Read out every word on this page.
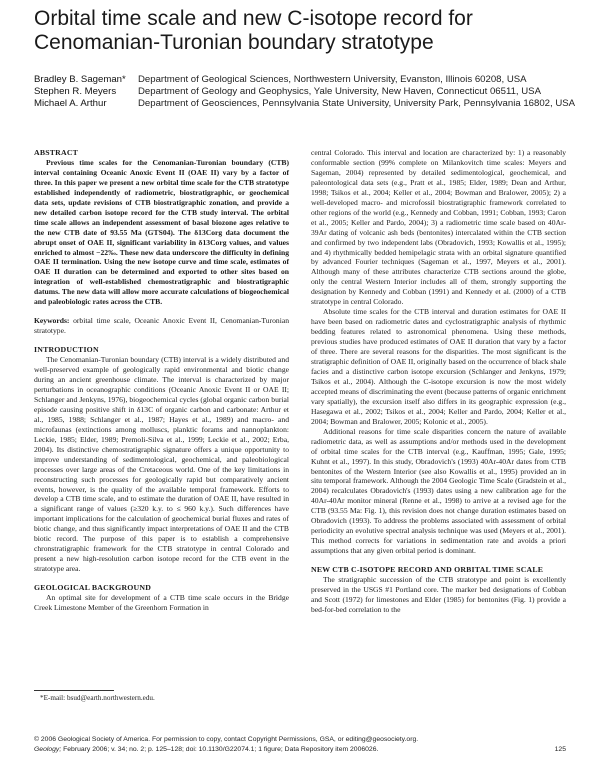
Orbital time scale and new C-isotope record for Cenomanian-Turonian boundary stratotype
Bradley B. Sageman* Department of Geological Sciences, Northwestern University, Evanston, Illinois 60208, USA
Stephen R. Meyers Department of Geology and Geophysics, Yale University, New Haven, Connecticut 06511, USA
Michael A. Arthur	Department of Geosciences, Pennsylvania State University, University Park, Pennsylvania 16802, USA

ABSTRACT

Previous time scales for the Cenomanian-Turonian boundary (CTB) interval containing Oceanic Anoxic Event II (OAE II) vary by a factor of three. In this paper we present a new orbital time scale for the CTB stratotype established independently of radiometric, biostratigraphic, or geochemical data sets, update revisions of CTB biostratigraphic zonation, and provide a new detailed carbon isotope record for the CTB study interval. The orbital time scale allows an independent assessment of basal biozone ages relative to the new CTB date of 93.55 Ma (GTS04). The δ13Corg data document the abrupt onset of OAE II, significant variability in δ13Corg values, and values enriched to almost −22‰. These new data underscore the difficulty in defining OAE II termination. Using the new isotope curve and time scale, estimates of OAE II duration can be determined and exported to other sites based on integration of well-established chemostratigraphic and biostratigraphic datums. The new data will allow more accurate calculations of biogeochemical and paleobiologic rates across the CTB.

Keywords: orbital time scale, Oceanic Anoxic Event II, Cenomanian-Turonian stratotype.

INTRODUCTION

The Cenomanian-Turonian boundary (CTB) interval is a widely distributed and well-preserved example of geologically rapid environmental and biotic change during an ancient greenhouse climate. The interval is characterized by major perturbations in oceanographic conditions (Oceanic Anoxic Event II or OAE II; Schlanger and Jenkyns, 1976), biogeochemical cycles (global organic carbon burial episode causing positive shift in δ13C of organic carbon and carbonate: Arthur et al., 1985, 1988; Schlanger et al., 1987; Hayes et al., 1989) and macro- and microfaunas (extinctions among molluscs, planktic forams and nannoplankton: Leckie, 1985; Elder, 1989; Premoli-Silva et al., 1999; Leckie et al., 2002; Erba, 2004). Its distinctive chemostratigraphic signature offers a unique opportunity to improve understanding of sedimentological, geochemical, and paleobiological processes over large areas of the Cretaceous world. One of the key limitations in reconstructing such processes for geologically rapid but comparatively ancient events, however, is the quality of the available temporal framework. Efforts to develop a CTB time scale, and to estimate the duration of OAE II, have resulted in a significant range of values (≥320 k.y. to ≤ 960 k.y.). Such differences have important implications for the calculation of geochemical burial fluxes and rates of biotic change, and thus significantly impact interpretations of OAE II and the CTB biotic record. The purpose of this paper is to establish a comprehensive chronstratigraphic framework for the CTB stratotype in central Colorado and present a new high-resolution carbon isotope record for the CTB event in the stratotype area.

GEOLOGICAL BACKGROUND

An optimal site for development of a CTB time scale occurs in the Bridge Creek Limestone Member of the Greenhorn Formation in

central Colorado. This interval and location are characterized by: 1) a reasonably conformable section (99% complete on Milankovitch time scales: Meyers and Sageman, 2004) represented by detailed sedimentological, geochemical, and paleontological data sets (e.g., Pratt et al., 1985; Elder, 1989; Dean and Arthur, 1998; Tsikos et al., 2004; Keller et al., 2004; Bowman and Bralower, 2005); 2) a well-developed macro- and microfossil biostratigraphic framework correlated to other regions of the world (e.g., Kennedy and Cobban, 1991; Cobban, 1993; Caron et al., 2005; Keller and Pardo, 2004); 3) a radiometric time scale based on 40Ar-39Ar dating of volcanic ash beds (bentonites) intercalated within the CTB section and confirmed by two independent labs (Obradovich, 1993; Kowallis et al., 1995); and 4) rhythmically bedded hemipelagic strata with an orbital signature quantified by advanced Fourier techniques (Sageman et al., 1997, Meyers et al., 2001). Although many of these attributes characterize CTB sections around the globe, only the central Western Interior includes all of them, strongly supporting the designation by Kennedy and Cobban (1991) and Kennedy et al. (2000) of a CTB stratotype in central Colorado.

Absolute time scales for the CTB interval and duration estimates for OAE II have been based on radiometric dates and cyclostratigraphic analysis of rhythmic bedding features related to astronomical phenomena. Using these methods, previous studies have produced estimates of OAE II duration that vary by a factor of three. There are several reasons for the disparities. The most significant is the stratigraphic definition of OAE II, originally based on the occurrence of black shale facies and a distinctive carbon isotope excursion (Schlanger and Jenkyns, 1979; Tsikos et al., 2004). Although the C-isotope excursion is now the most widely accepted means of discriminating the event (because patterns of organic enrichment vary spatially), the excursion itself also differs in its geographic expression (e.g., Hasegawa et al., 2002; Tsikos et al., 2004; Keller and Pardo, 2004; Keller et al., 2004; Bowman and Bralower, 2005; Kolonic et al., 2005).

Additional reasons for time scale disparities concern the nature of available radiometric data, as well as assumptions and/or methods used in the development of orbital time scales for the CTB interval (e.g., Kauffman, 1995; Gale, 1995; Kuhnt et al., 1997). In this study, Obradovich's (1993) 40Ar-40Ar dates from CTB bentonites of the Western Interior (see also Kowallis et al., 1995) provided an in situ temporal framework. Although the 2004 Geologic Time Scale (Gradstein et al., 2004) recalculates Obradovich's (1993) dates using a new calibration age for the 40Ar-40Ar monitor mineral (Renne et al., 1998) to arrive at a revised age for the CTB (93.55 Ma: Fig. 1), this revision does not change duration estimates based on Obradovich (1993). To address the problems associated with assessment of orbital periodicity an evolutive spectral analysis technique was used (Meyers et al., 2001). This method corrects for variations in sedimentation rate and avoids a priori assumptions that any given orbital period is dominant.

NEW CTB C-ISOTOPE RECORD AND ORBITAL TIME SCALE

The stratigraphic succession of the CTB stratotype and point is excellently preserved in the USGS #1 Portland core. The marker bed designations of Cobban and Scott (1972) for limestones and Elder (1985) for bentonites (Fig. 1) provide a bed-for-bed correlation to the

*E-mail: bsud@earth.northwestern.edu.
© 2006 Geological Society of America. For permission to copy, contact Copyright Permissions, GSA, or editing@geosociety.org.
Geology; February 2006; v. 34; no. 2; p. 125–128; doi: 10.1130/G22074.1; 1 figure; Data Repository item 2006026.	125
